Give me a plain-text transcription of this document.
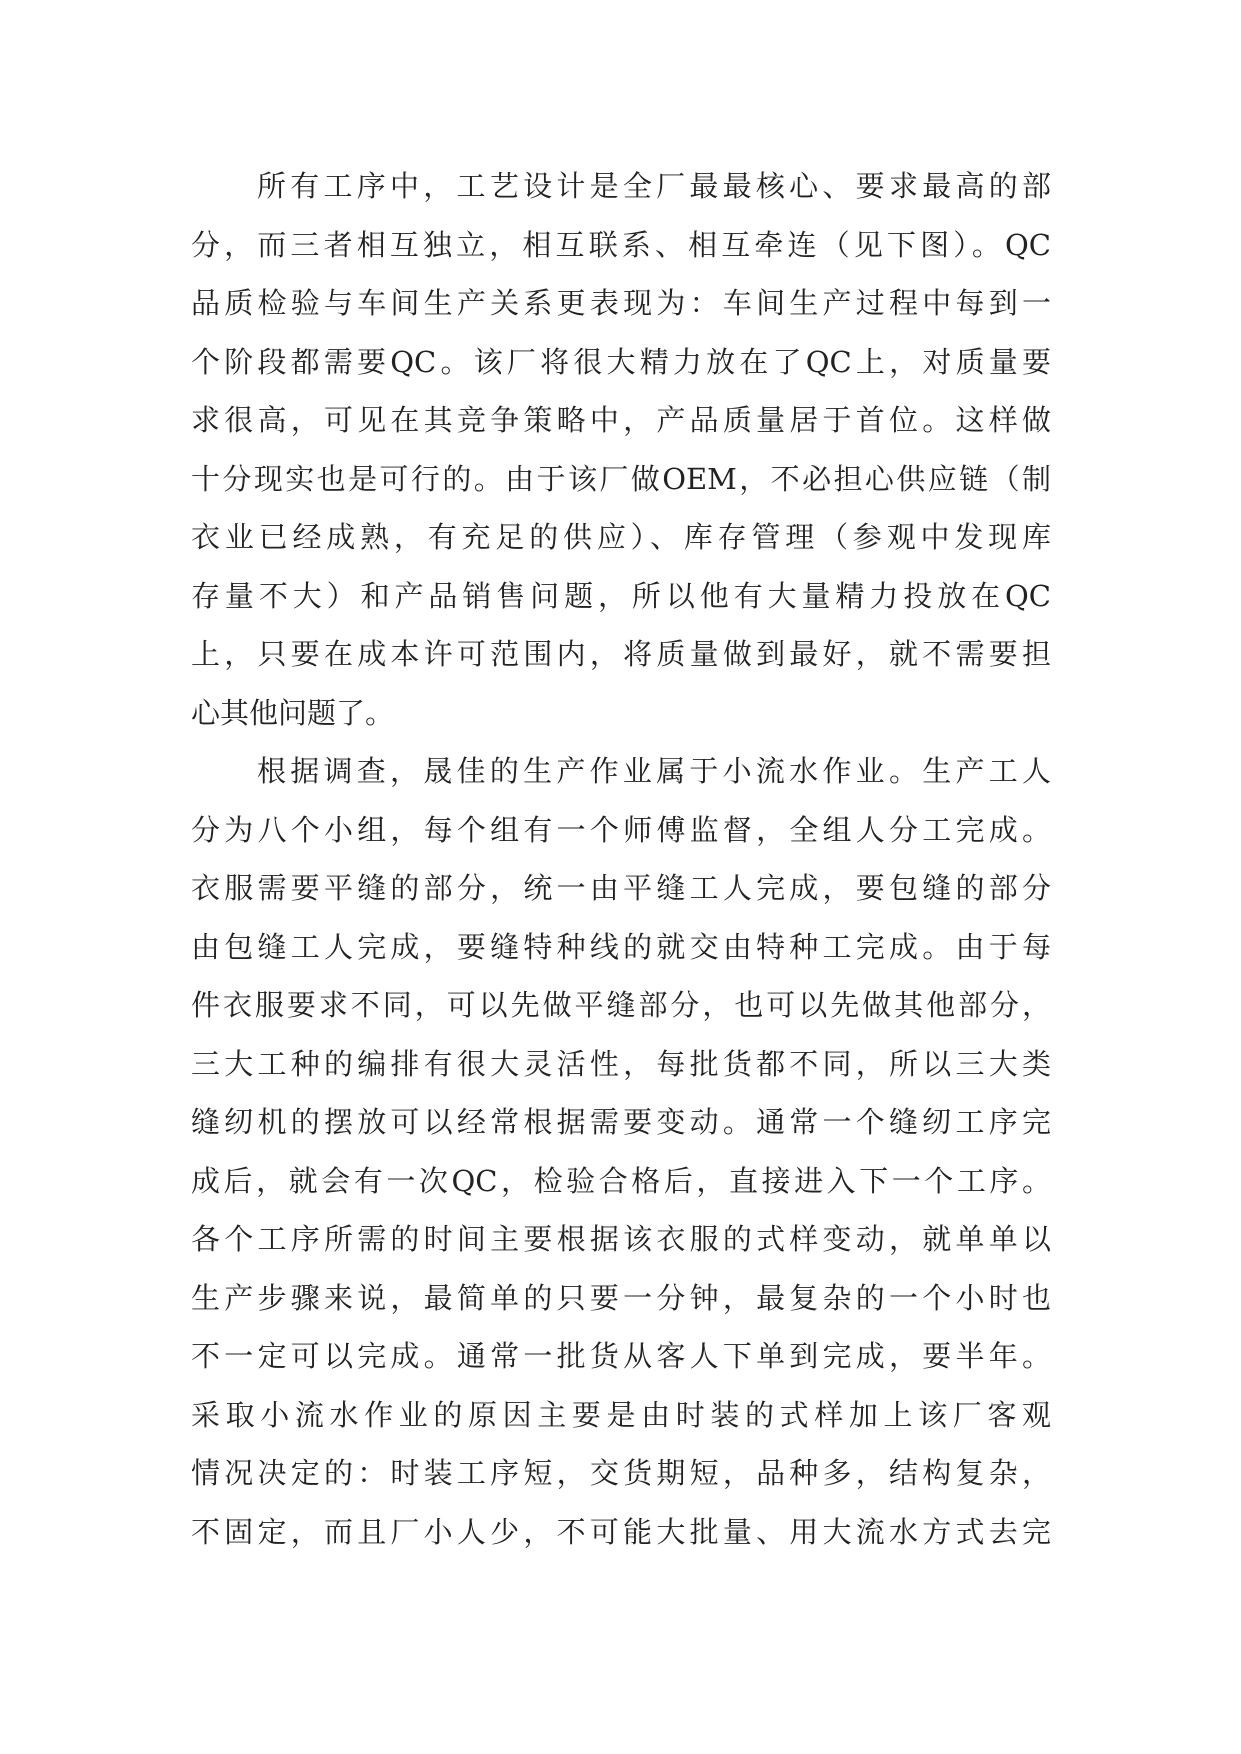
所有工序中，工艺设计是全厂最最核心、要求最高的部
分，而三者相互独立，相互联系、相互牵连（见下图）。QC
品质检验与车间生产关系更表现为：车间生产过程中每到一
个阶段都需要QC。该厂将很大精力放在了QC上，对质量要
求很高，可见在其竞争策略中，产品质量居于首位。这样做
十分现实也是可行的。由于该厂做OEM，不必担心供应链（制
衣业已经成熟，有充足的供应）、库存管理（参观中发现库
存量不大）和产品销售问题，所以他有大量精力投放在QC
上，只要在成本许可范围内，将质量做到最好，就不需要担
心其他问题了。
根据调查，晟佳的生产作业属于小流水作业。生产工人
分为八个小组，每个组有一个师傅监督，全组人分工完成。
衣服需要平缝的部分，统一由平缝工人完成，要包缝的部分
由包缝工人完成，要缝特种线的就交由特种工完成。由于每
件衣服要求不同，可以先做平缝部分，也可以先做其他部分，
三大工种的编排有很大灵活性，每批货都不同，所以三大类
缝纫机的摆放可以经常根据需要变动。通常一个缝纫工序完
成后，就会有一次QC，检验合格后，直接进入下一个工序。
各个工序所需的时间主要根据该衣服的式样变动，就单单以
生产步骤来说，最简单的只要一分钟，最复杂的一个小时也
不一定可以完成。通常一批货从客人下单到完成，要半年。
采取小流水作业的原因主要是由时装的式样加上该厂客观
情况决定的：时装工序短，交货期短，品种多，结构复杂，
不固定，而且厂小人少，不可能大批量、用大流水方式去完
